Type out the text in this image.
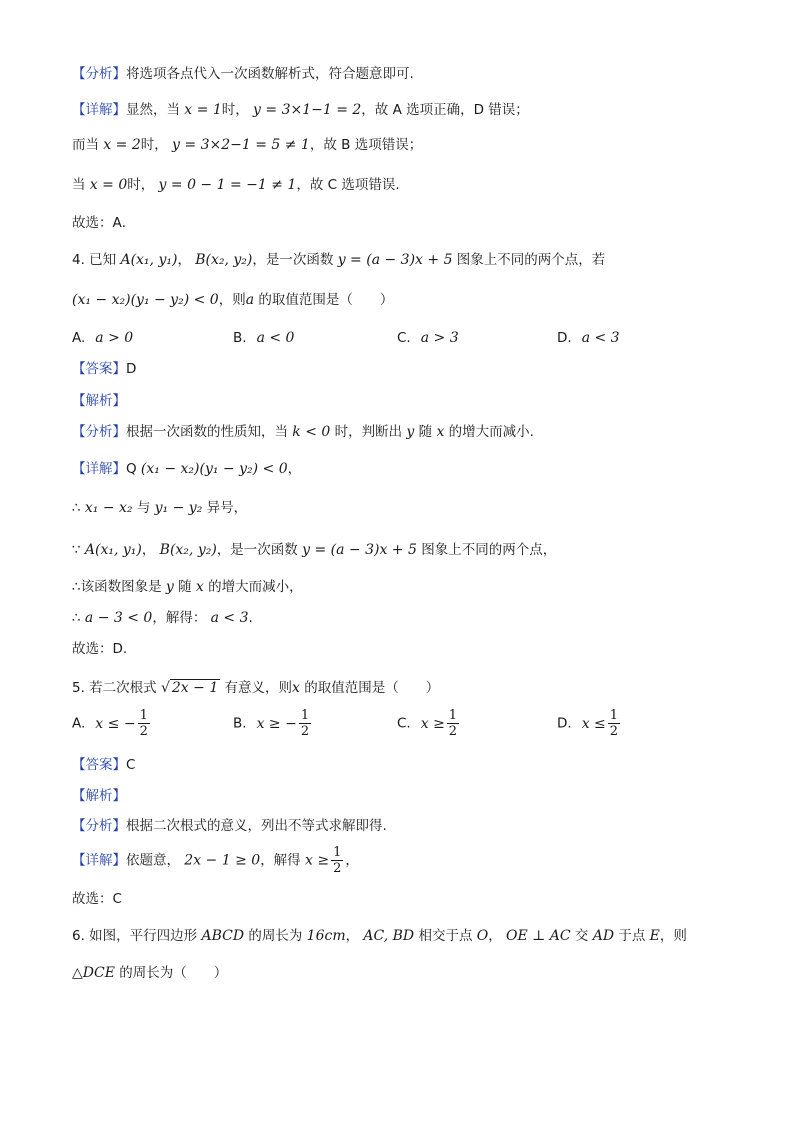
【分析】将选项各点代入一次函数解析式，符合题意即可.
【详解】显然，当 x = 1时， y = 3×1−1 = 2，故 A 选项正确，D 错误；
而当 x = 2时， y = 3×2−1 = 5 ≠ 1，故 B 选项错误；
当 x = 0时， y = 0 − 1 = −1 ≠ 1，故 C 选项错误.
故选：A．
4. 已知 A(x₁, y₁)， B(x₂, y₂)，是一次函数 y = (a − 3)x + 5 图象上不同的两个点，若
(x₁ − x₂)(y₁ − y₂) < 0，则a 的取值范围是（　　）
【答案】D
【解析】
【分析】根据一次函数的性质知，当 k < 0 时，判断出 y 随 x 的增大而减小.
【详解】Q (x₁ − x₂)(y₁ − y₂) < 0，
∴ x₁ − x₂ 与 y₁ − y₂ 异号，
∵ A(x₁, y₁)， B(x₂, y₂)，是一次函数 y = (a − 3)x + 5 图象上不同的两个点，
∴该函数图象是 y 随 x 的增大而减小，
∴ a − 3 < 0，解得： a < 3.
故选：D.
【答案】C
【解析】
【分析】根据二次根式的意义，列出不等式求解即得.
故选：C
6. 如图，平行四边形 ABCD 的周长为 16cm， AC, BD 相交于点 O， OE ⊥ AC 交 AD 于点 E，则
△DCE 的周长为（　　）
A. a > 0	B. a < 0	C. a > 3	D. a < 3
A. x ≤ − $\frac{1}{2}$	B. x ≥ − $\frac{1}{2}$	C. $x \ge \frac{1}{2}$	D. $x \le \frac{1}{2}$
5. 若二次根式 √ 2x − 1 有意义，则x 的取值范围是（　　）
【详解】依题意， 2x − 1 ≥ 0，解得 $x \ge \frac{1}{2}$ ，
